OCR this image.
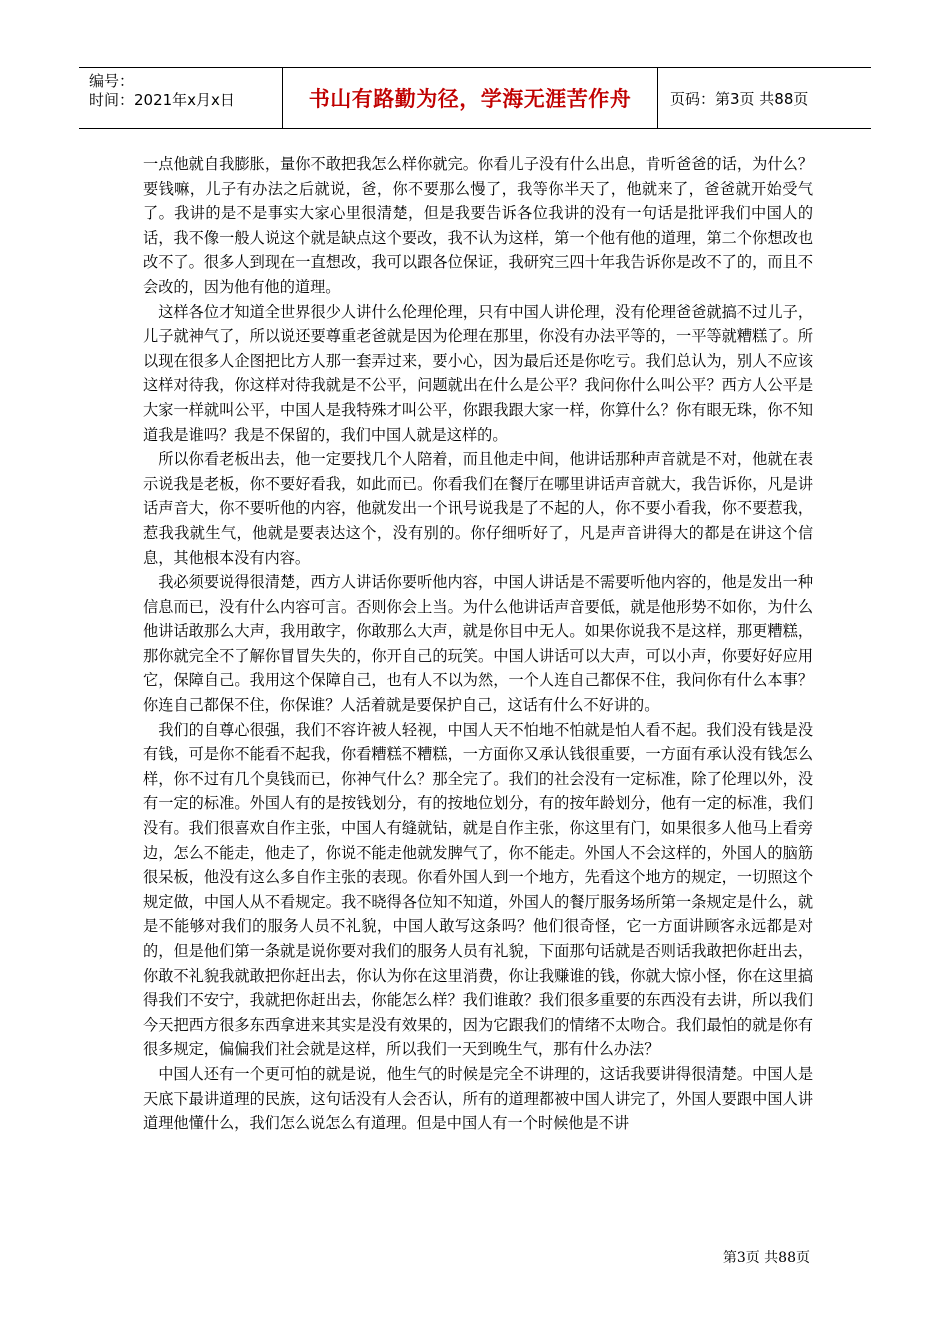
编号：
时间：2021年x月x日	书山有路勤为径，学海无涯苦作舟	页码：第3页 共88页

一点他就自我膨胀，量你不敢把我怎么样你就完。你看儿子没有什么出息，肯听爸爸的话，为什么？要钱嘛，儿子有办法之后就说，爸，你不要那么慢了，我等你半天了，他就来了，爸爸就开始受气了。我讲的是不是事实大家心里很清楚，但是我要告诉各位我讲的没有一句话是批评我们中国人的话，我不像一般人说这个就是缺点这个要改，我不认为这样，第一个他有他的道理，第二个你想改也改不了。很多人到现在一直想改，我可以跟各位保证，我研究三四十年我告诉你是改不了的，而且不会改的，因为他有他的道理。

这样各位才知道全世界很少人讲什么伦理伦理，只有中国人讲伦理，没有伦理爸爸就搞不过儿子，儿子就神气了，所以说还要尊重老爸就是因为伦理在那里，你没有办法平等的，一平等就糟糕了。所以现在很多人企图把比方人那一套弄过来，要小心，因为最后还是你吃亏。我们总认为，别人不应该这样对待我，你这样对待我就是不公平，问题就出在什么是公平？我问你什么叫公平？西方人公平是大家一样就叫公平，中国人是我特殊才叫公平，你跟我跟大家一样，你算什么？你有眼无珠，你不知道我是谁吗？我是不保留的，我们中国人就是这样的。

所以你看老板出去，他一定要找几个人陪着，而且他走中间，他讲话那种声音就是不对，他就在表示说我是老板，你不要好看我，如此而已。你看我们在餐厅在哪里讲话声音就大，我告诉你，凡是讲话声音大，你不要听他的内容，他就发出一个讯号说我是了不起的人，你不要小看我，你不要惹我，惹我我就生气，他就是要表达这个，没有别的。你仔细听好了，凡是声音讲得大的都是在讲这个信息，其他根本没有内容。

我必须要说得很清楚，西方人讲话你要听他内容，中国人讲话是不需要听他内容的，他是发出一种信息而已，没有什么内容可言。否则你会上当。为什么他讲话声音要低，就是他形势不如你，为什么他讲话敢那么大声，我用敢字，你敢那么大声，就是你目中无人。如果你说我不是这样，那更糟糕，那你就完全不了解你冒冒失失的，你开自己的玩笑。中国人讲话可以大声，可以小声，你要好好应用它，保障自己。我用这个保障自己，也有人不以为然，一个人连自己都保不住，我问你有什么本事？你连自己都保不住，你保谁？人活着就是要保护自己，这话有什么不好讲的。

我们的自尊心很强，我们不容许被人轻视，中国人天不怕地不怕就是怕人看不起。我们没有钱是没有钱，可是你不能看不起我，你看糟糕不糟糕，一方面你又承认钱很重要，一方面有承认没有钱怎么样，你不过有几个臭钱而已，你神气什么？那全完了。我们的社会没有一定标准，除了伦理以外，没有一定的标准。外国人有的是按钱划分，有的按地位划分，有的按年龄划分，他有一定的标准，我们没有。我们很喜欢自作主张，中国人有缝就钻，就是自作主张，你这里有门，如果很多人他马上看旁边，怎么不能走，他走了，你说不能走他就发脾气了，你不能走。外国人不会这样的，外国人的脑筋很呆板，他没有这么多自作主张的表现。你看外国人到一个地方，先看这个地方的规定，一切照这个规定做，中国人从不看规定。我不晓得各位知不知道，外国人的餐厅服务场所第一条规定是什么，就是不能够对我们的服务人员不礼貌，中国人敢写这条吗？他们很奇怪，它一方面讲顾客永远都是对的，但是他们第一条就是说你要对我们的服务人员有礼貌，下面那句话就是否则话我敢把你赶出去，你敢不礼貌我就敢把你赶出去，你认为你在这里消费，你让我赚谁的钱，你就大惊小怪，你在这里搞得我们不安宁，我就把你赶出去，你能怎么样？我们谁敢？我们很多重要的东西没有去讲，所以我们今天把西方很多东西拿进来其实是没有效果的，因为它跟我们的情绪不太吻合。我们最怕的就是你有很多规定，偏偏我们社会就是这样，所以我们一天到晚生气，那有什么办法？

中国人还有一个更可怕的就是说，他生气的时候是完全不讲理的，这话我要讲得很清楚。中国人是天底下最讲道理的民族，这句话没有人会否认，所有的道理都被中国人讲完了，外国人要跟中国人讲道理他懂什么，我们怎么说怎么有道理。但是中国人有一个时候他是不讲

第3页 共88页
